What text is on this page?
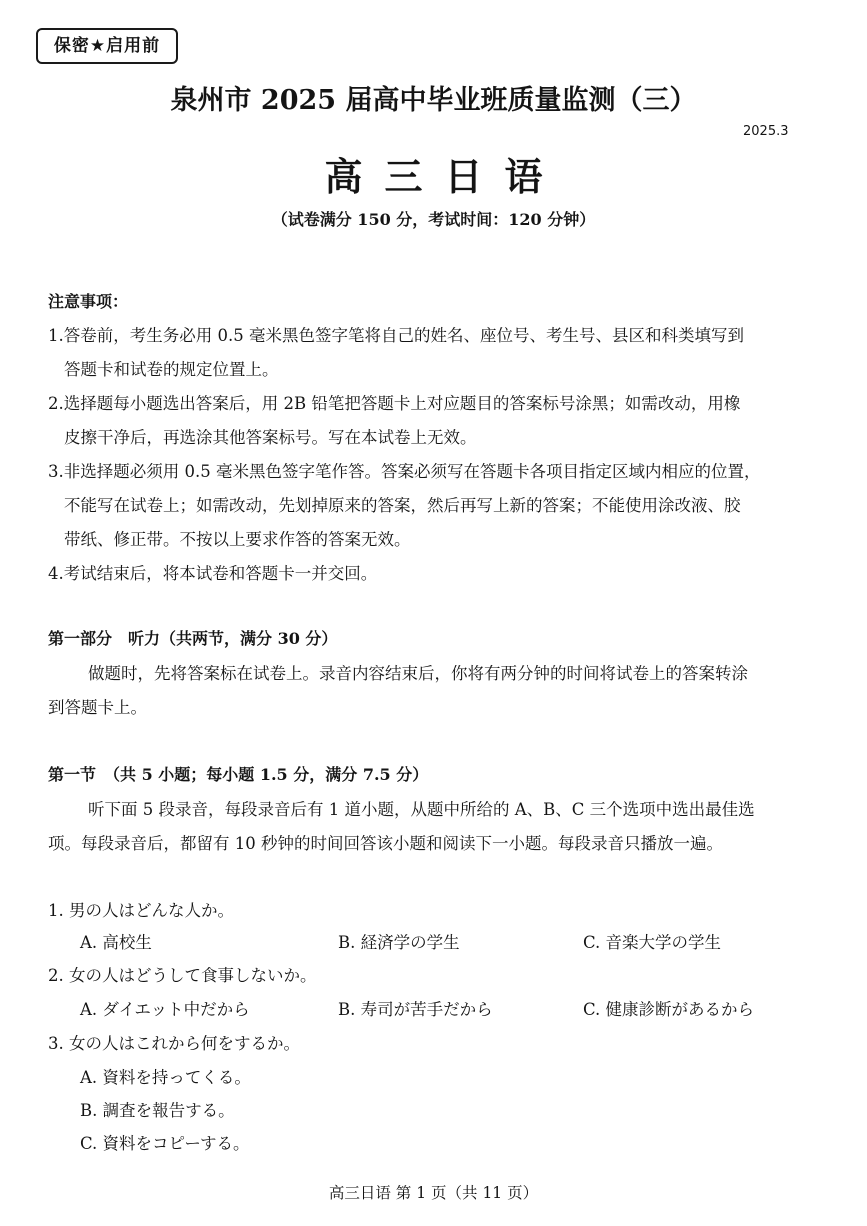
保密★启用前
泉州市 2025 届高中毕业班质量监测（三）
2025.3
高三日语
（试卷满分 150 分，考试时间：120 分钟）
注意事项：
1.答卷前，考生务必用 0.5 毫米黑色签字笔将自己的姓名、座位号、考生号、县区和科类填写到
答题卡和试卷的规定位置上。
2.选择题每小题选出答案后，用 2B 铅笔把答题卡上对应题目的答案标号涂黑；如需改动，用橡
皮擦干净后，再选涂其他答案标号。写在本试卷上无效。
3.非选择题必须用 0.5 毫米黑色签字笔作答。答案必须写在答题卡各项目指定区域内相应的位置，
不能写在试卷上；如需改动，先划掉原来的答案，然后再写上新的答案；不能使用涂改液、胶
带纸、修正带。不按以上要求作答的答案无效。
4.考试结束后，将本试卷和答题卡一并交回。
第一部分　听力（共两节，满分 30 分）
做题时，先将答案标在试卷上。录音内容结束后，你将有两分钟的时间将试卷上的答案转涂
到答题卡上。
第一节　（共 5 小题；每小题 1.5 分，满分 7.5 分）
听下面 5 段录音，每段录音后有 1 道小题，从题中所给的 A、B、C 三个选项中选出最佳选
项。每段录音后，都留有 10 秒钟的时间回答该小题和阅读下一小题。每段录音只播放一遍。
1. 男の人はどんな人か。
A. 高校生	B. 経済学の学生	C. 音楽大学の学生
2. 女の人はどうして食事しないか。
A. ダイエット中だから	B. 寿司が苦手だから	C. 健康診断があるから
3. 女の人はこれから何をするか。
A. 資料を持ってくる。
B. 調査を報告する。
C. 資料をコピーする。
高三日语 第 1 页（共 11 页）
